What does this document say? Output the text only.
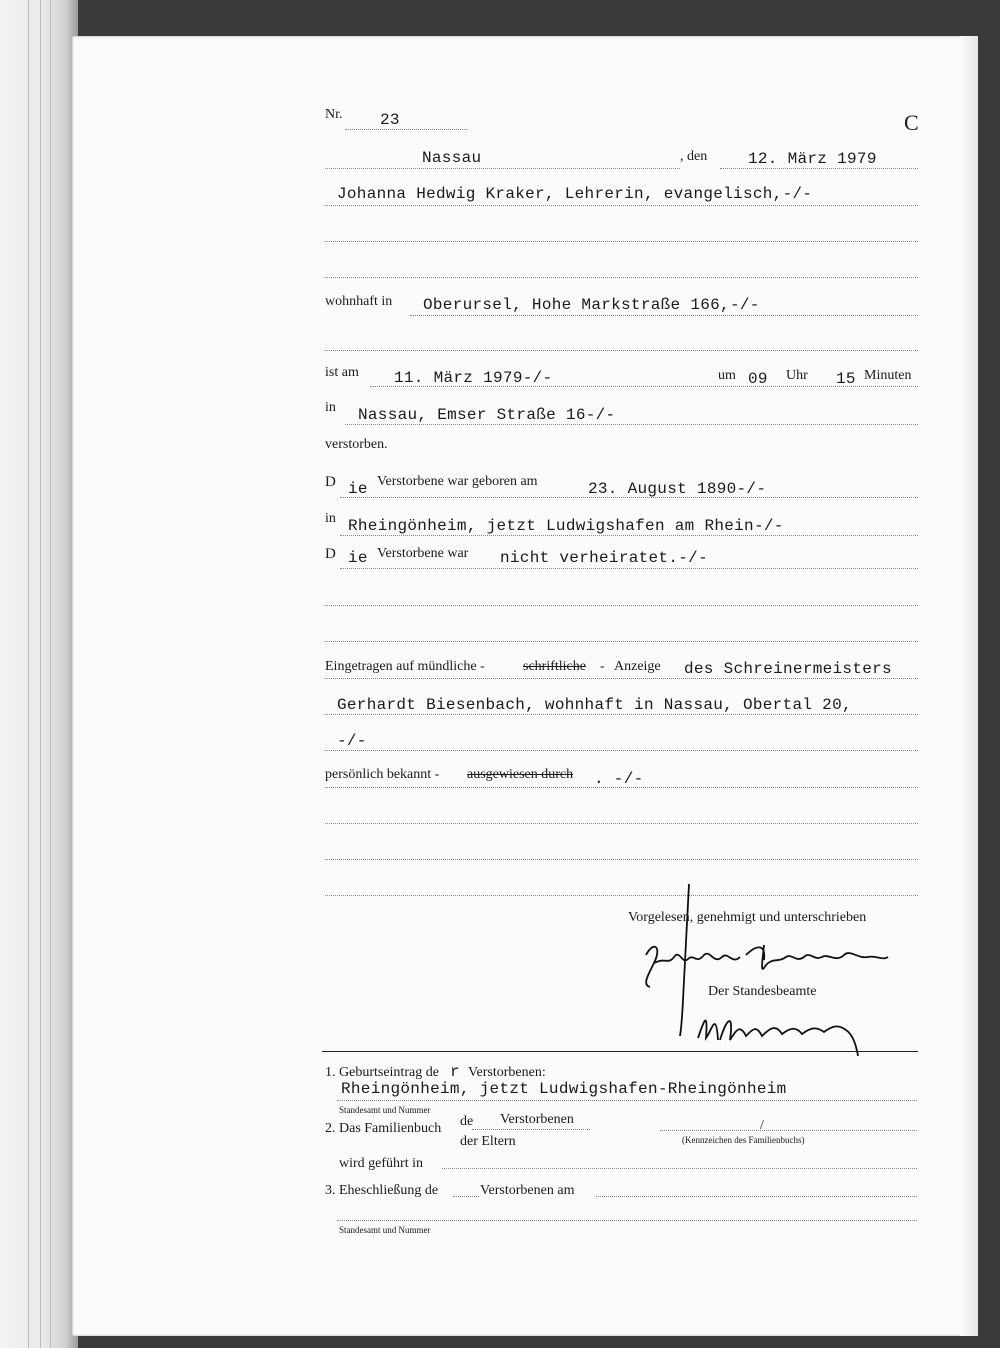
Nr. 23	C
Nassau	, den	12. März 1979
Johanna Hedwig Kraker, Lehrerin, evangelisch,-/-
wohnhaft in Oberursel, Hohe Markstraße 166,-/-
ist am 11. März 1979-/-	um 09 Uhr 15 Minuten
in Nassau, Emser Straße 16-/-
verstorben.
D ie Verstorbene war geboren am	23. August 1890-/-
in Rheingönheim, jetzt Ludwigshafen am Rhein-/-
D ie Verstorbene war nicht verheiratet.-/-
Eingetragen auf mündliche -	schriftliche - Anzeige des Schreinermeisters
Gerhardt Biesenbach, wohnhaft in Nassau, Obertal 20,
-/-
persönlich bekannt - ausgewiesen durch . -/-
Vorgelesen, genehmigt und unterschrieben
Der Standesbeamte
1. Geburtseintrag de r Verstorbenen:
Rheingönheim, jetzt Ludwigshafen-Rheingönheim
Standesamt und Nummer
2. Das Familienbuch de Verstorbenen
der Eltern
/
(Kennzeichen des Familienbuchs)
wird geführt in
3. Eheschließung de	Verstorbenen am
Standesamt und Nummer
